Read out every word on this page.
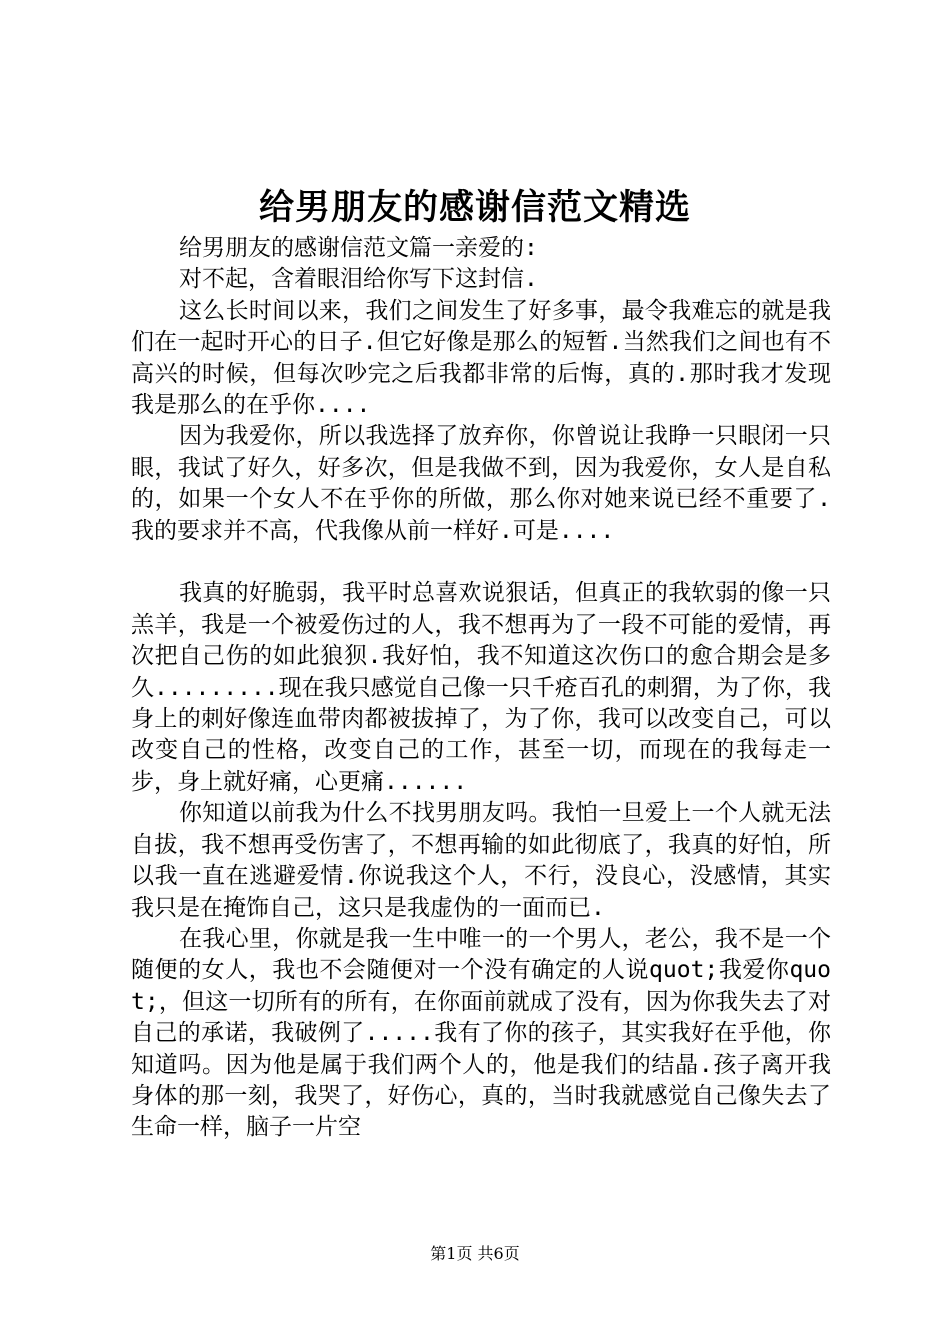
给男朋友的感谢信范文精选

给男朋友的感谢信范文篇一亲爱的:

对不起，含着眼泪给你写下这封信.

这么长时间以来，我们之间发生了好多事，最令我难忘的就是我们在一起时开心的日子.但它好像是那么的短暂.当然我们之间也有不高兴的时候，但每次吵完之后我都非常的后悔，真的.那时我才发现我是那么的在乎你....

因为我爱你，所以我选择了放弃你，你曾说让我睁一只眼闭一只眼，我试了好久，好多次，但是我做不到，因为我爱你，女人是自私的，如果一个女人不在乎你的所做，那么你对她来说已经不重要了.我的要求并不高，代我像从前一样好.可是....

我真的好脆弱，我平时总喜欢说狠话，但真正的我软弱的像一只羔羊，我是一个被爱伤过的人，我不想再为了一段不可能的爱情，再次把自己伤的如此狼狈.我好怕，我不知道这次伤口的愈合期会是多久.........现在我只感觉自己像一只千疮百孔的刺猬，为了你，我身上的刺好像连血带肉都被拔掉了，为了你，我可以改变自己，可以改变自己的性格，改变自己的工作，甚至一切，而现在的我每走一步，身上就好痛，心更痛......

你知道以前我为什么不找男朋友吗。我怕一旦爱上一个人就无法自拔，我不想再受伤害了，不想再输的如此彻底了，我真的好怕，所以我一直在逃避爱情.你说我这个人，不行，没良心，没感情，其实我只是在掩饰自己，这只是我虚伪的一面而已.

在我心里，你就是我一生中唯一的一个男人，老公，我不是一个随便的女人，我也不会随便对一个没有确定的人说quot;我爱你quot;，但这一切所有的所有，在你面前就成了没有，因为你我失去了对自己的承诺，我破例了.....我有了你的孩子，其实我好在乎他，你知道吗。因为他是属于我们两个人的，他是我们的结晶.孩子离开我身体的那一刻，我哭了，好伤心，真的，当时我就感觉自己像失去了生命一样，脑子一片空

第1页 共6页
